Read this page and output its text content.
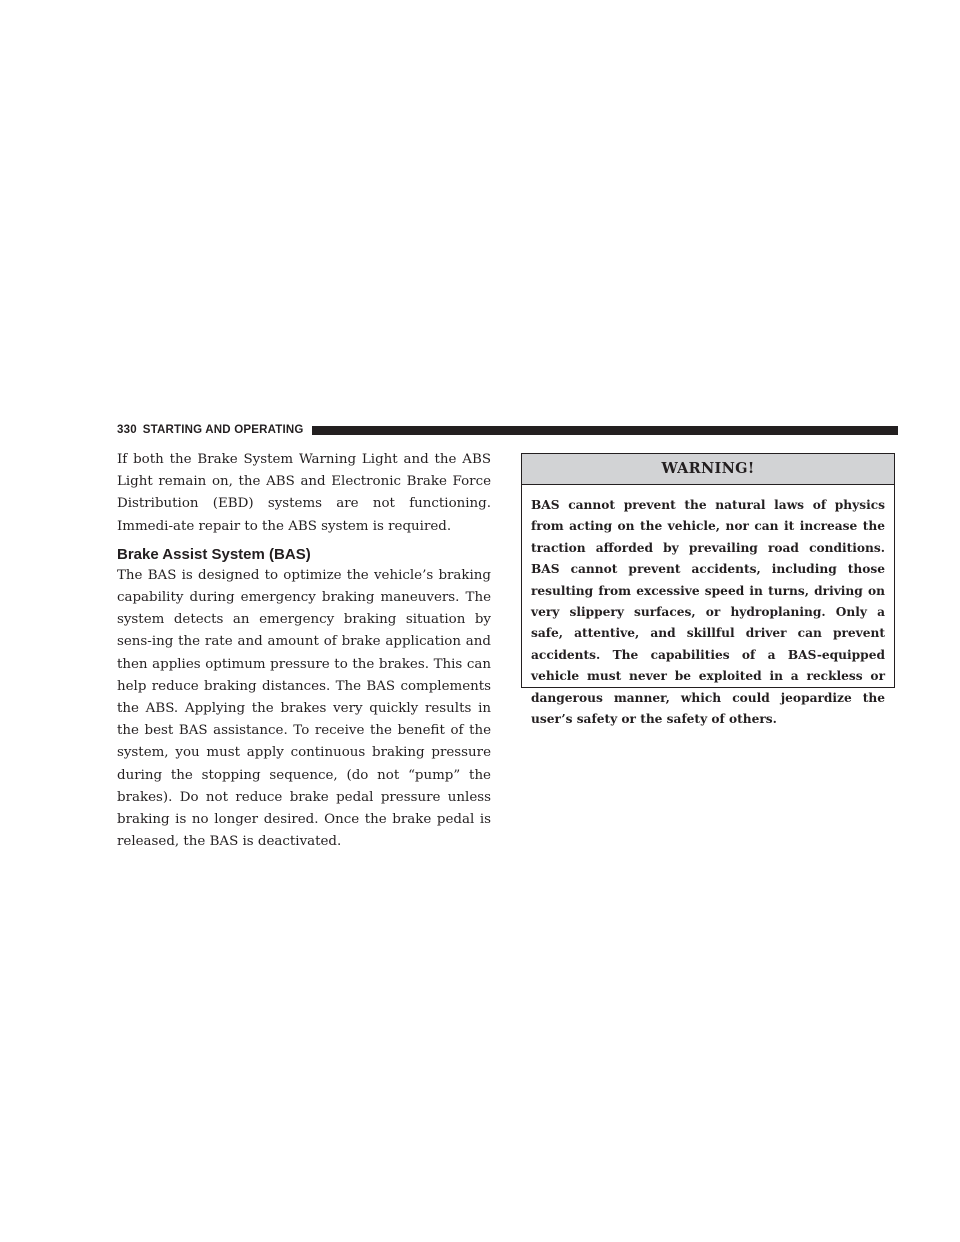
330 STARTING AND OPERATING

If both the Brake System Warning Light and the ABS Light remain on, the ABS and Electronic Brake Force Distribution (EBD) systems are not functioning. Immedi-ate repair to the ABS system is required.

Brake Assist System (BAS)

The BAS is designed to optimize the vehicle’s braking capability during emergency braking maneuvers. The system detects an emergency braking situation by sens-ing the rate and amount of brake application and then applies optimum pressure to the brakes. This can help reduce braking distances. The BAS complements the ABS. Applying the brakes very quickly results in the best BAS assistance. To receive the benefit of the system, you must apply continuous braking pressure during the stopping sequence, (do not “pump” the brakes). Do not reduce brake pedal pressure unless braking is no longer desired. Once the brake pedal is released, the BAS is deactivated.

WARNING!

BAS cannot prevent the natural laws of physics from acting on the vehicle, nor can it increase the traction afforded by prevailing road conditions. BAS cannot prevent accidents, including those resulting from excessive speed in turns, driving on very slippery surfaces, or hydroplaning. Only a safe, attentive, and skillful driver can prevent accidents. The capabilities of a BAS-equipped vehicle must never be exploited in a reckless or dangerous manner, which could jeopardize the user’s safety or the safety of others.
